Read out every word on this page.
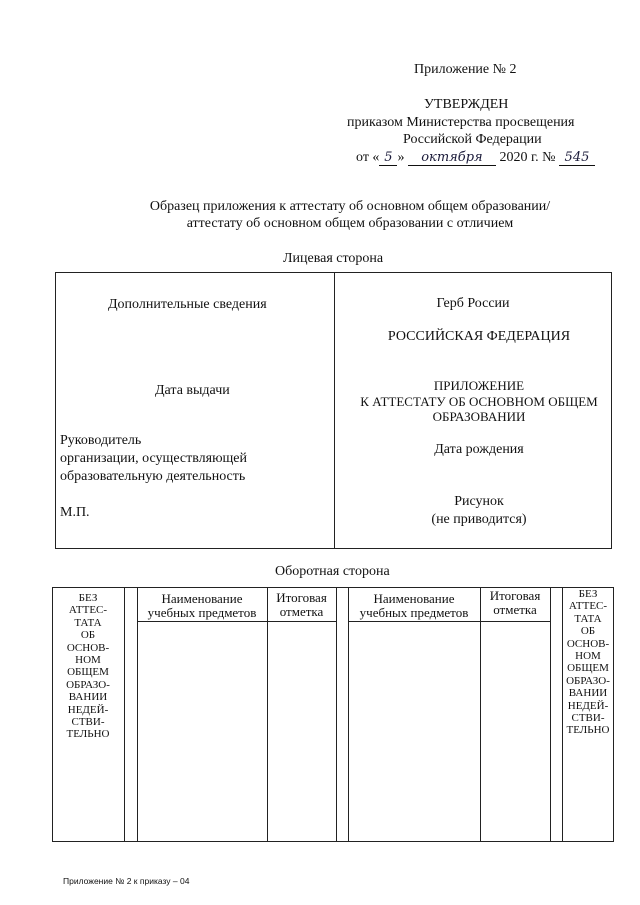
Приложение № 2
УТВЕРЖДЕН
приказом Министерства просвещения
Российской Федерации
от « 5 » октября 2020 г. № 545
Образец приложения к аттестату об основном общем образовании/
аттестату об основном общем образовании с отличием
Лицевая сторона
Дополнительные сведения
Дата выдачи
Руководитель
организации, осуществляющей
образовательную деятельность
М.П.
Герб России
РОССИЙСКАЯ ФЕДЕРАЦИЯ
ПРИЛОЖЕНИЕ
К АТТЕСТАТУ ОБ ОСНОВНОМ ОБЩЕМ
ОБРАЗОВАНИИ
Дата рождения
Рисунок
(не приводится)
Оборотная сторона
БЕЗ
АТТЕС-
ТАТА
ОБ
ОСНОВ-
НОМ
ОБЩЕМ
ОБРАЗО-
ВАНИИ
НЕДЕЙ-
СТВИ-
ТЕЛЬНО
БЕЗ
АТТЕС-
ТАТА
ОБ
ОСНОВ-
НОМ
ОБЩЕМ
ОБРАЗО-
ВАНИИ
НЕДЕЙ-
СТВИ-
ТЕЛЬНО
Наименование
учебных предметов
Итоговая
отметка
Наименование
учебных предметов
Итоговая
отметка
Приложение № 2 к приказу – 04
